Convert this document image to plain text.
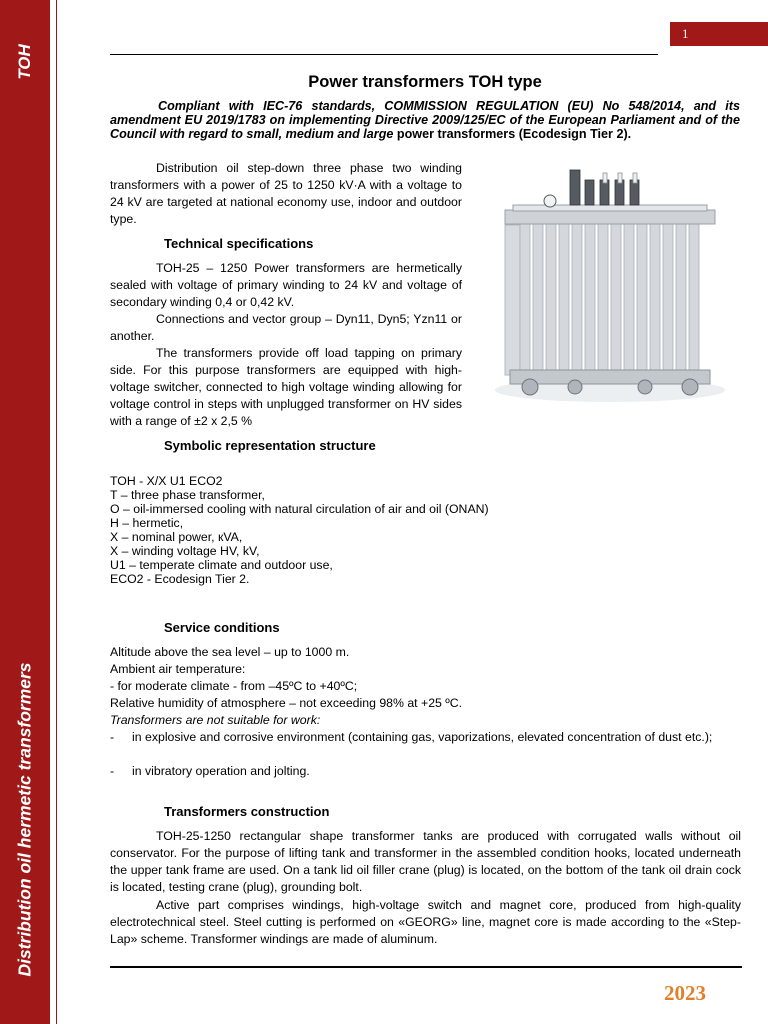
TOH
Distribution oil hermetic transformers
1
Power transformers TOH type
Compliant with IEC-76 standards, COMMISSION REGULATION (EU) No 548/2014, and its amendment EU 2019/1783 on implementing Directive 2009/125/EC of the European Parliament and of the Council with regard to small, medium and large power transformers (Ecodesign Tier 2).

Distribution oil step-down three phase two winding transformers with a power of 25 to 1250 kV·A with a voltage to 24 kV are targeted at national economy use, indoor and outdoor type.

Technical specifications

TOH-25 – 1250 Power transformers are hermetically sealed with voltage of primary winding to 24 kV and voltage of secondary winding 0,4 or 0,42 kV.

Connections and vector group – Dyn11, Dyn5; Yzn11 or another.

The transformers provide off load tapping on primary side. For this purpose transformers are equipped with high-voltage switcher, connected to high voltage winding allowing for voltage control in steps with unplugged transformer on HV sides with a range of ±2 x 2,5 %

Symbolic representation structure
TOH - X/X U1 ECO2
T – three phase transformer,
O – oil-immersed cooling with natural circulation of air and oil (ONAN)
H – hermetic,
X – nominal power, кVA,
X – winding voltage HV, kV,
U1 – temperate climate and outdoor use,
ECO2 - Ecodesign Tier 2.
Service conditions
Altitude above the sea level – up to 1000 m.
Ambient air temperature:
- for moderate climate - from –45ºC to +40ºC;
Relative humidity of atmosphere – not exceeding 98% at +25 ºC.
Transformers are not suitable for work:
- in explosive and corrosive environment (containing gas, vaporizations, elevated concentration of dust etc.);
- in vibratory operation and jolting.
Transformers construction

TOH-25-1250 rectangular shape transformer tanks are produced with corrugated walls without oil conservator. For the purpose of lifting tank and transformer in the assembled condition hooks, located underneath the upper tank frame are used. On a tank lid oil filler crane (plug) is located, on the bottom of the tank oil drain cock is located, testing crane (plug), grounding bolt.

Active part comprises windings, high-voltage switch and magnet core, produced from high-quality electrotechnical steel. Steel cutting is performed on «GEORG» line, magnet core is made according to the «Step-Lap» scheme. Transformer windings are made of aluminum.

2023
